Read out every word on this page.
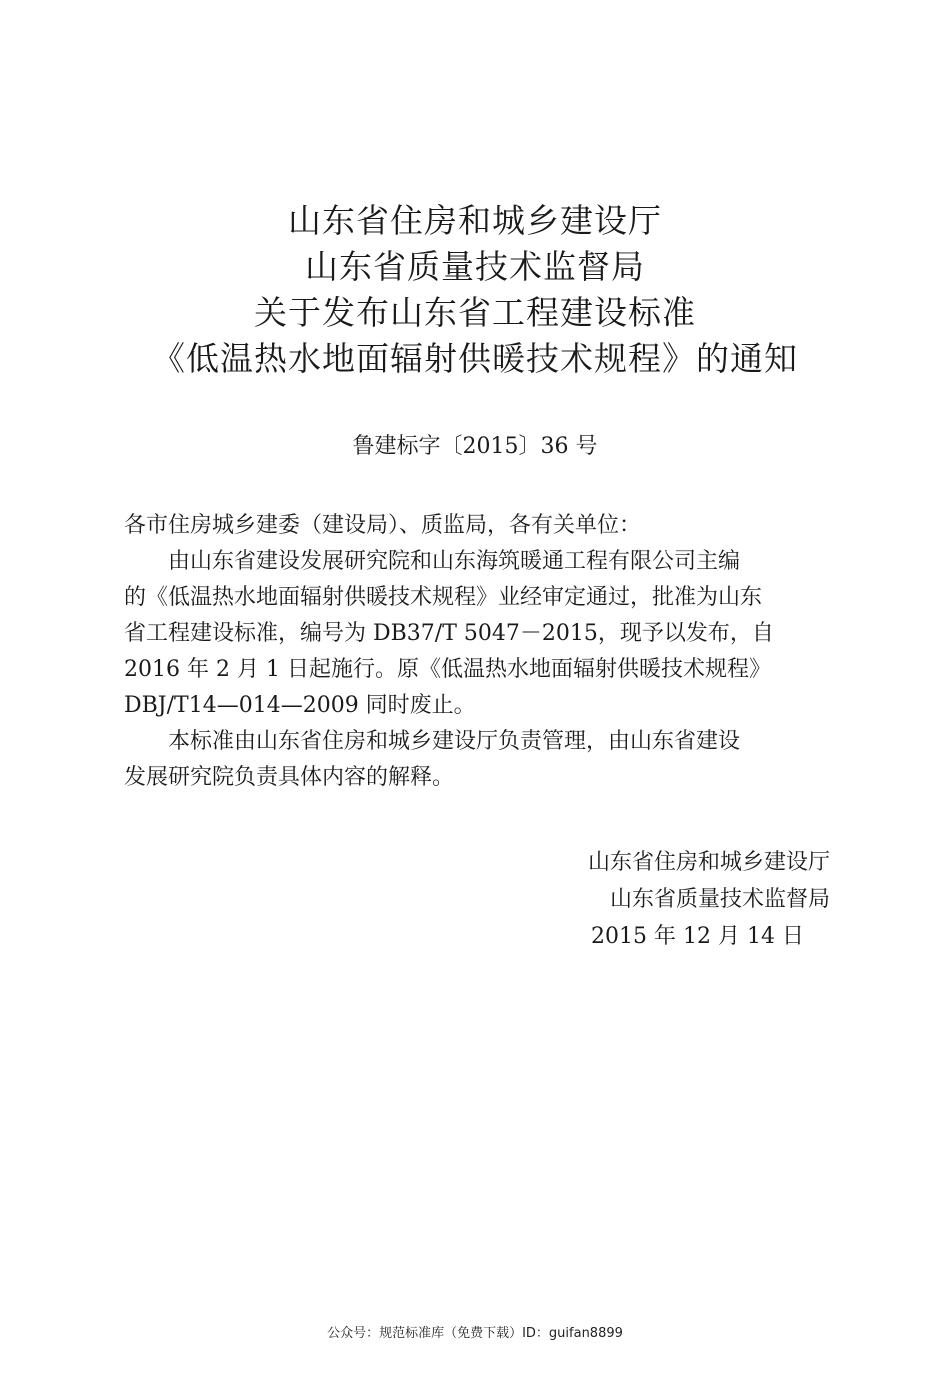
山东省住房和城乡建设厅
山东省质量技术监督局
关于发布山东省工程建设标准
《低温热水地面辐射供暖技术规程》的通知
鲁建标字〔2015〕36 号

各市住房城乡建委（建设局）、质监局，各有关单位：

由山东省建设发展研究院和山东海筑暖通工程有限公司主编
的《低温热水地面辐射供暖技术规程》业经审定通过，批准为山东
省工程建设标准，编号为 DB37/T 5047－2015，现予以发布，自
2016 年 2 月 1 日起施行。原《低温热水地面辐射供暖技术规程》
DBJ/T14—014—2009 同时废止。

本标准由山东省住房和城乡建设厅负责管理，由山东省建设
发展研究院负责具体内容的解释。

山东省住房和城乡建设厅
山东省质量技术监督局
2015 年 12 月 14 日
公众号：规范标准库（免费下载）ID：guifan8899
